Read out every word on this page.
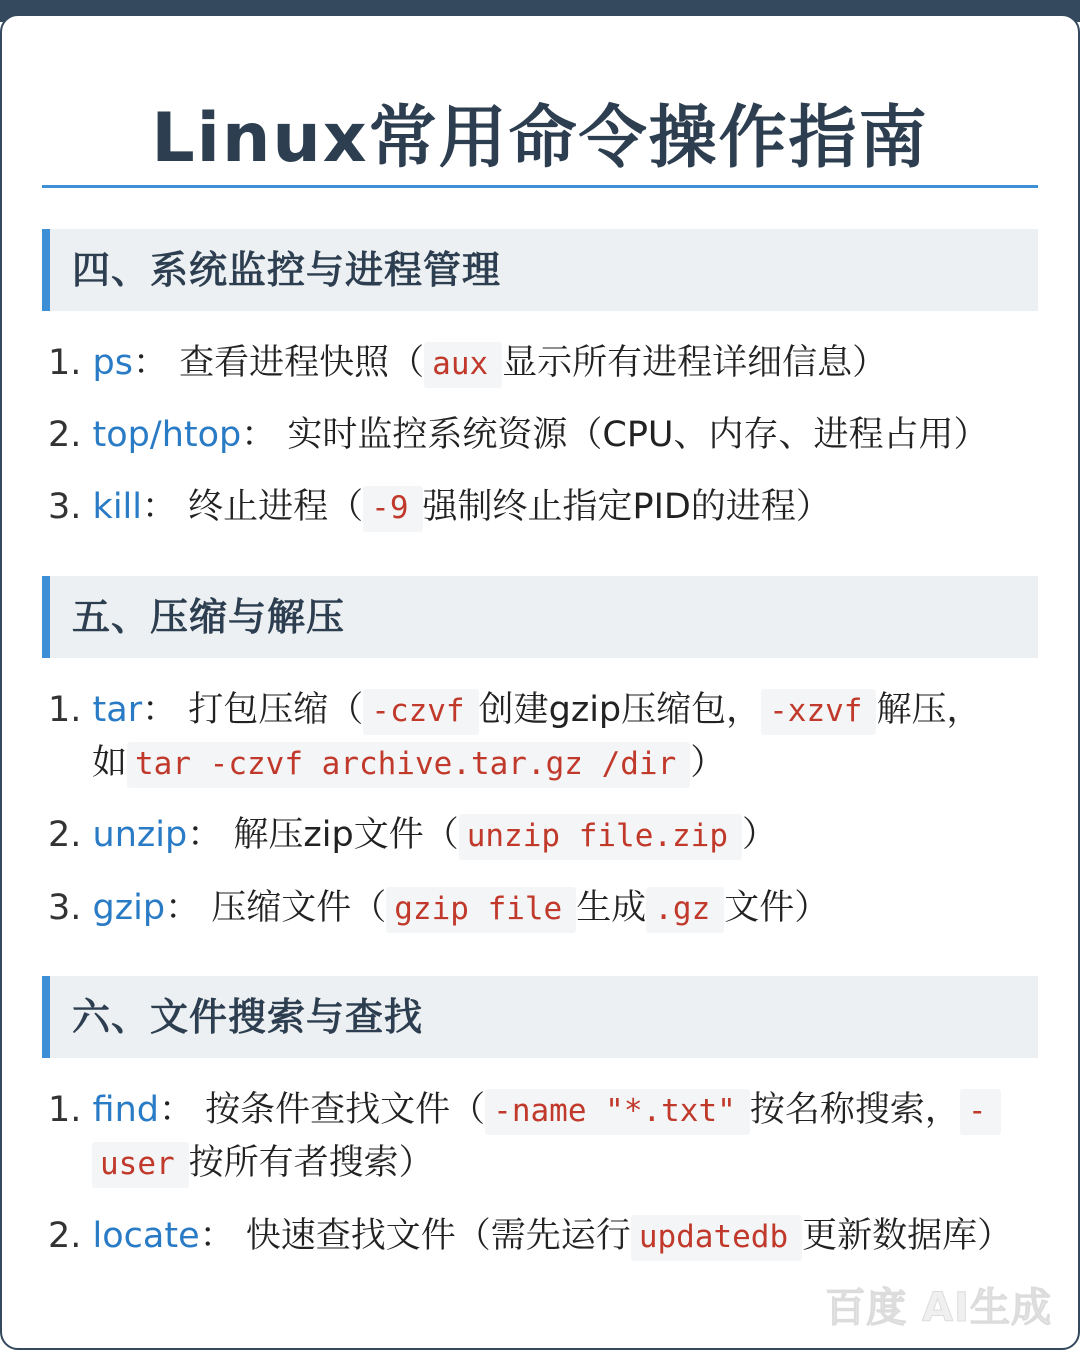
Linux常用命令操作指南
四、系统监控与进程管理
1. ps： 查看进程快照（ aux 显示所有进程详细信息）
2. top/htop： 实时监控系统资源（CPU、内存、进程占用）
3. kill： 终止进程（ -9 强制终止指定PID的进程）
五、压缩与解压
1. tar： 打包压缩（ -czvf 创建gzip压缩包， -xzvf 解压，
如 tar -czvf archive.tar.gz /dir ）
2. unzip： 解压zip文件（ unzip file.zip ）
3. gzip： 压缩文件（ gzip file 生成 .gz 文件）
六、文件搜索与查找
1. find： 按条件查找文件（ -name "*.txt" 按名称搜索， -
user 按所有者搜索）
2. locate： 快速查找文件（需先运行 updatedb 更新数据库）
百度 AI生成
